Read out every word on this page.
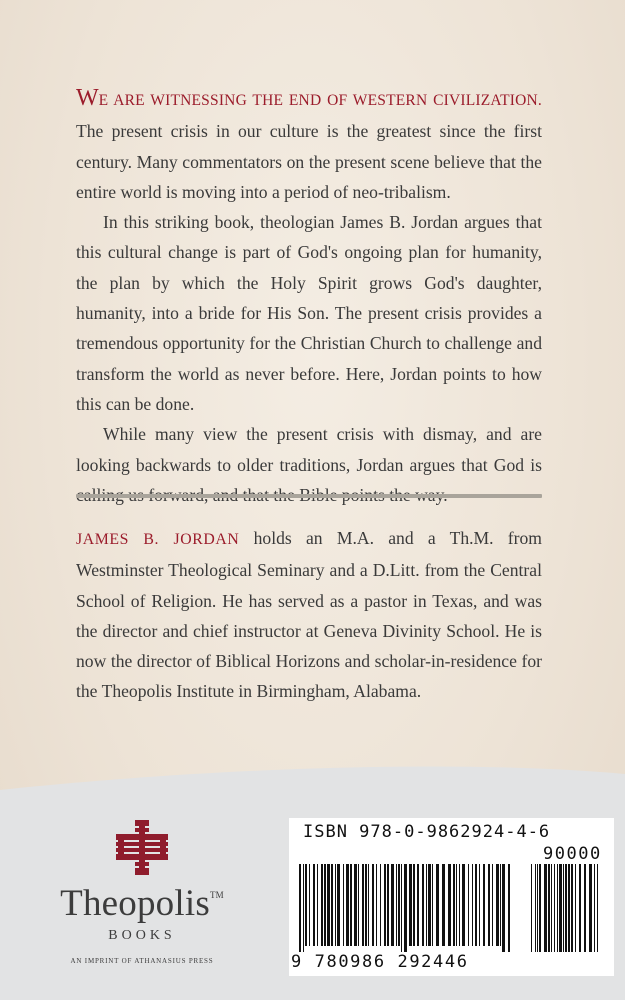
WE ARE WITNESSING THE END OF WESTERN CIVILIZATION. The present crisis in our culture is the greatest since the first century. Many commentators on the present scene believe that the entire world is moving into a period of neo-tribalism.

In this striking book, theologian James B. Jordan argues that this cultural change is part of God's ongoing plan for humanity, the plan by which the Holy Spirit grows God's daughter, humanity, into a bride for His Son. The present crisis provides a tremendous opportunity for the Christian Church to challenge and transform the world as never before. Here, Jordan points to how this can be done.

While many view the present crisis with dismay, and are looking backwards to older traditions, Jordan argues that God is

JAMES B. JORDAN holds an M.A. and a Th.M. from Westminster Theological Seminary and a D.Litt. from the Central School of Religion. He has served as a pastor in Texas, and was the director and chief instructor at Geneva Divinity School. He is now the director of Biblical Horizons and scholar-in-residence for the Theopolis Institute in Birmingham, Alabama.
Theopolis™
BOOKS
AN IMPRINT OF ATHANASIUS PRESS
ISBN 978-0-9862924-4-6
90000
9 780986 292446
